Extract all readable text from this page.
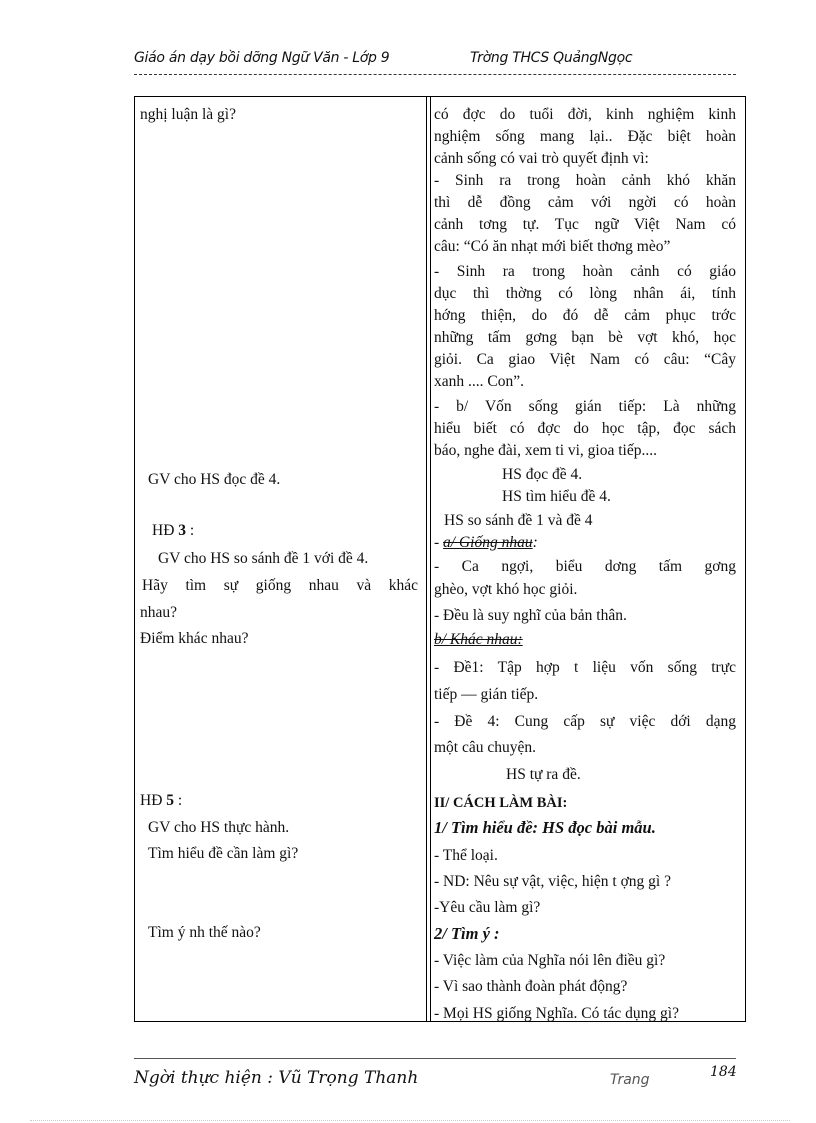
Giáo án dạy bồi dỡng Ngữ Văn - Lớp 9	Trờng THCS QuảngNgọc
nghị luận là gì?
GV cho HS đọc đề 4.
HĐ 3 :
GV cho HS so sánh đề 1 với đề 4.
Hãy tìm sự giống nhau và khác
nhau?
Điểm khác nhau?
HĐ 5 :
GV cho HS thực hành.
Tìm hiểu đề cần làm gì?
Tìm ý nh thế nào?
có đợc do tuổi đời, kinh nghiệm kinh
nghiệm sống mang lại.. Đặc biệt hoàn
cảnh sống có vai trò quyết định vì:
- Sinh ra trong hoàn cảnh khó khăn
thì dễ đồng cảm với ngời có hoàn
cảnh tơng tự. Tục ngữ Việt Nam có
câu: “Có ăn nhạt mới biết thơng mèo”
- Sinh ra trong hoàn cảnh có giáo
dục thì thờng có lòng nhân ái, tính
hớng thiện, do đó dễ cảm phục trớc
những tấm gơng bạn bè vợt khó, học
giỏi. Ca giao Việt Nam có câu: “Cây
xanh .... Con”.
- b/ Vốn sống gián tiếp: Là những
hiểu biết có đợc do học tập, đọc sách
báo, nghe đài, xem ti vi, gioa tiếp....
HS đọc đề 4.
HS tìm hiểu đề 4.
HS so sánh đề 1 và đề 4
- a/ Giống nhau:
- Ca ngợi, biểu dơng tấm gơng
ghèo, vợt khó học giỏi.
- Đều là suy nghĩ của bản thân.
b/ Khác nhau:
- Đề1: Tập hợp t liệu vốn sống trực
tiếp — gián tiếp.
- Đề 4: Cung cấp sự việc dới dạng
một câu chuyện.
HS tự ra đề.
II/ CÁCH LÀM BÀI:
1/ Tìm hiểu đề: HS đọc bài mẫu.
- Thể loại.
- ND: Nêu sự vật, việc, hiện t ợng gì ?
-Yêu cầu làm gì?
2/ Tìm ý :
- Việc làm của Nghĩa nói lên điều gì?
- Vì sao thành đoàn phát động?
- Mọi HS giống Nghĩa. Có tác dụng gì?
Ngời thực hiện : Vũ Trọng Thanh	Trang	184
